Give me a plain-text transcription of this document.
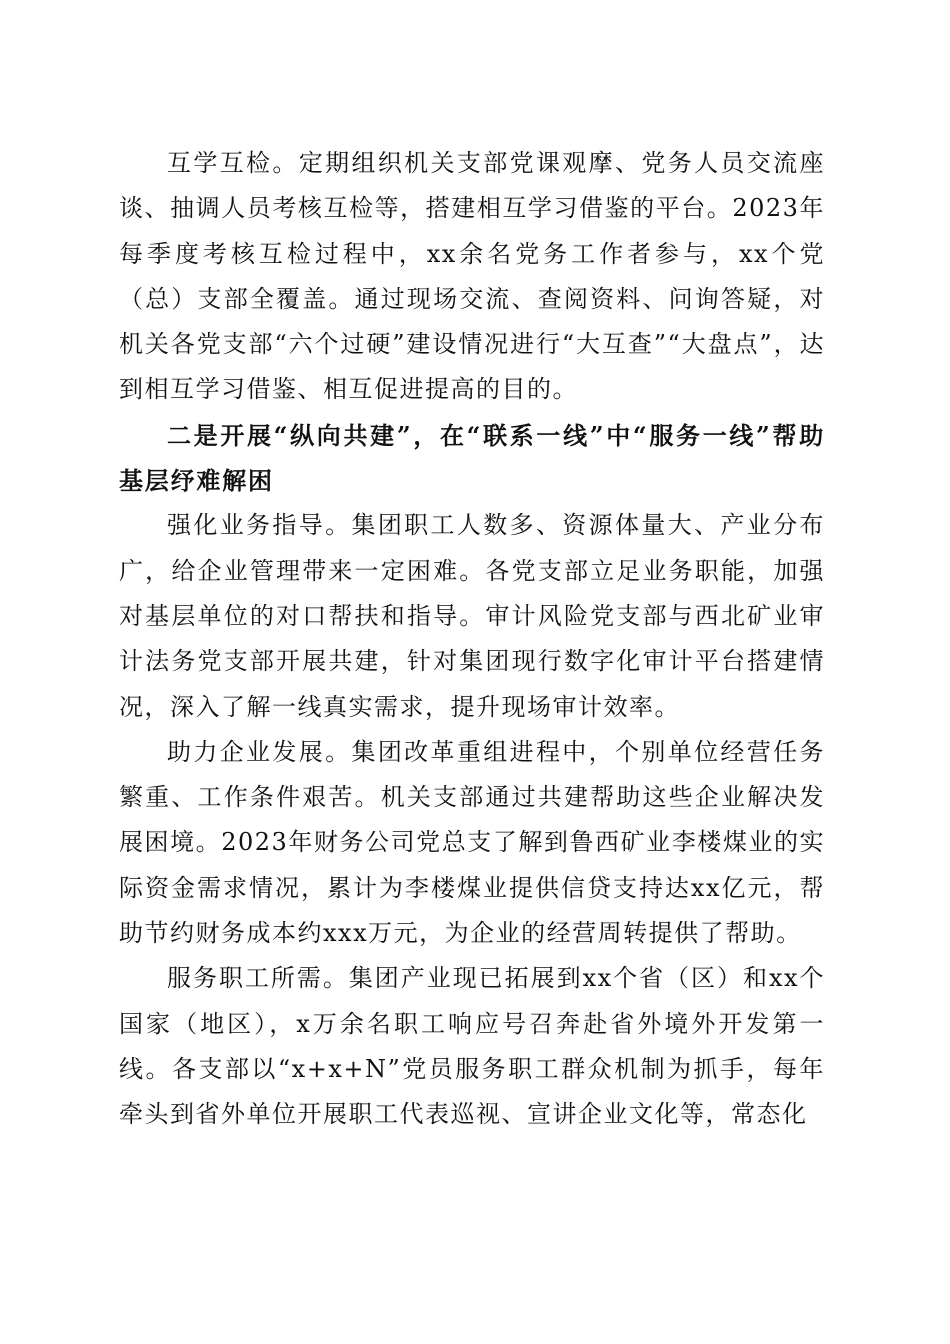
互学互检。定期组织机关支部党课观摩、党务人员交流座谈、抽调人员考核互检等，搭建相互学习借鉴的平台。2023年每季度考核互检过程中，xx余名党务工作者参与，xx个党（总）支部全覆盖。通过现场交流、查阅资料、问询答疑，对机关各党支部“六个过硬”建设情况进行“大互查”“大盘点”，达到相互学习借鉴、相互促进提高的目的。

二是开展“纵向共建”，在“联系一线”中“服务一线”帮助基层纾难解困

强化业务指导。集团职工人数多、资源体量大、产业分布广，给企业管理带来一定困难。各党支部立足业务职能，加强对基层单位的对口帮扶和指导。审计风险党支部与西北矿业审计法务党支部开展共建，针对集团现行数字化审计平台搭建情况，深入了解一线真实需求，提升现场审计效率。

助力企业发展。集团改革重组进程中，个别单位经营任务繁重、工作条件艰苦。机关支部通过共建帮助这些企业解决发展困境。2023年财务公司党总支了解到鲁西矿业李楼煤业的实际资金需求情况，累计为李楼煤业提供信贷支持达xx亿元，帮助节约财务成本约xxx万元，为企业的经营周转提供了帮助。

服务职工所需。集团产业现已拓展到xx个省（区）和xx个国家（地区），x万余名职工响应号召奔赴省外境外开发第一线。各支部以“x+x+N”党员服务职工群众机制为抓手，每年牵头到省外单位开展职工代表巡视、宣讲企业文化等，常态化
